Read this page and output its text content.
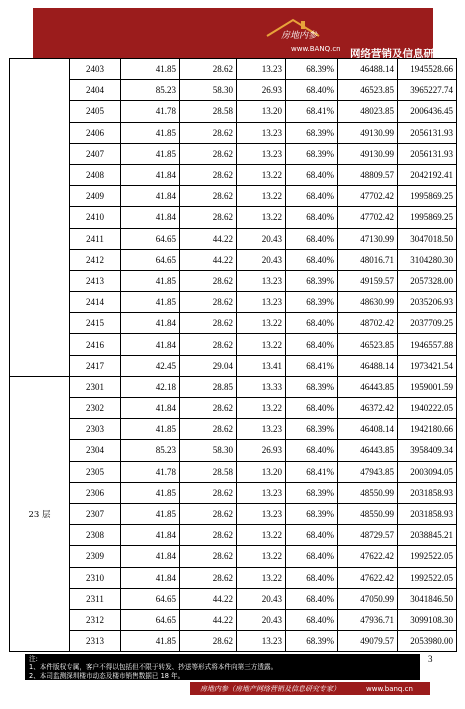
房地内参
www.BANQ.cn 网络营销及信息研究专家
	2403	41.85	28.62	13.23	68.39%	46488.14	1945528.66
	2404	85.23	58.30	26.93	68.40%	46523.85	3965227.74
	2405	41.78	28.58	13.20	68.41%	48023.85	2006436.45
	2406	41.85	28.62	13.23	68.39%	49130.99	2056131.93
	2407	41.85	28.62	13.23	68.39%	49130.99	2056131.93
	2408	41.84	28.62	13.22	68.40%	48809.57	2042192.41
	2409	41.84	28.62	13.22	68.40%	47702.42	1995869.25
	2410	41.84	28.62	13.22	68.40%	47702.42	1995869.25
	2411	64.65	44.22	20.43	68.40%	47130.99	3047018.50
	2412	64.65	44.22	20.43	68.40%	48016.71	3104280.30
	2413	41.85	28.62	13.23	68.39%	49159.57	2057328.00
	2414	41.85	28.62	13.23	68.39%	48630.99	2035206.93
	2415	41.84	28.62	13.22	68.40%	48702.42	2037709.25
	2416	41.84	28.62	13.22	68.40%	46523.85	1946557.88
	2417	42.45	29.04	13.41	68.41%	46488.14	1973421.54
23 层	2301	42.18	28.85	13.33	68.39%	46443.85	1959001.59
	2302	41.84	28.62	13.22	68.40%	46372.42	1940222.05
	2303	41.85	28.62	13.23	68.39%	46408.14	1942180.66
	2304	85.23	58.30	26.93	68.40%	46443.85	3958409.34
	2305	41.78	28.58	13.20	68.41%	47943.85	2003094.05
	2306	41.85	28.62	13.23	68.39%	48550.99	2031858.93
	2307	41.85	28.62	13.23	68.39%	48550.99	2031858.93
	2308	41.84	28.62	13.22	68.40%	48729.57	2038845.21
	2309	41.84	28.62	13.22	68.40%	47622.42	1992522.05
	2310	41.84	28.62	13.22	68.40%	47622.42	1992522.05
	2311	64.65	44.22	20.43	68.40%	47050.99	3041846.50
	2312	64.65	44.22	20.43	68.40%	47936.71	3099108.30
	2313	41.85	28.62	13.23	68.39%	49079.57	2053980.00
注:
1、本件版权专属，客户不得以包括但不限于转发、抄送等形式将本件向第三方透露。
2、本司监测深圳楼市动态及楼市销售数据已 18 年。
3
房地内参（房地产网络营销及信息研究专家）	www.banq.cn
